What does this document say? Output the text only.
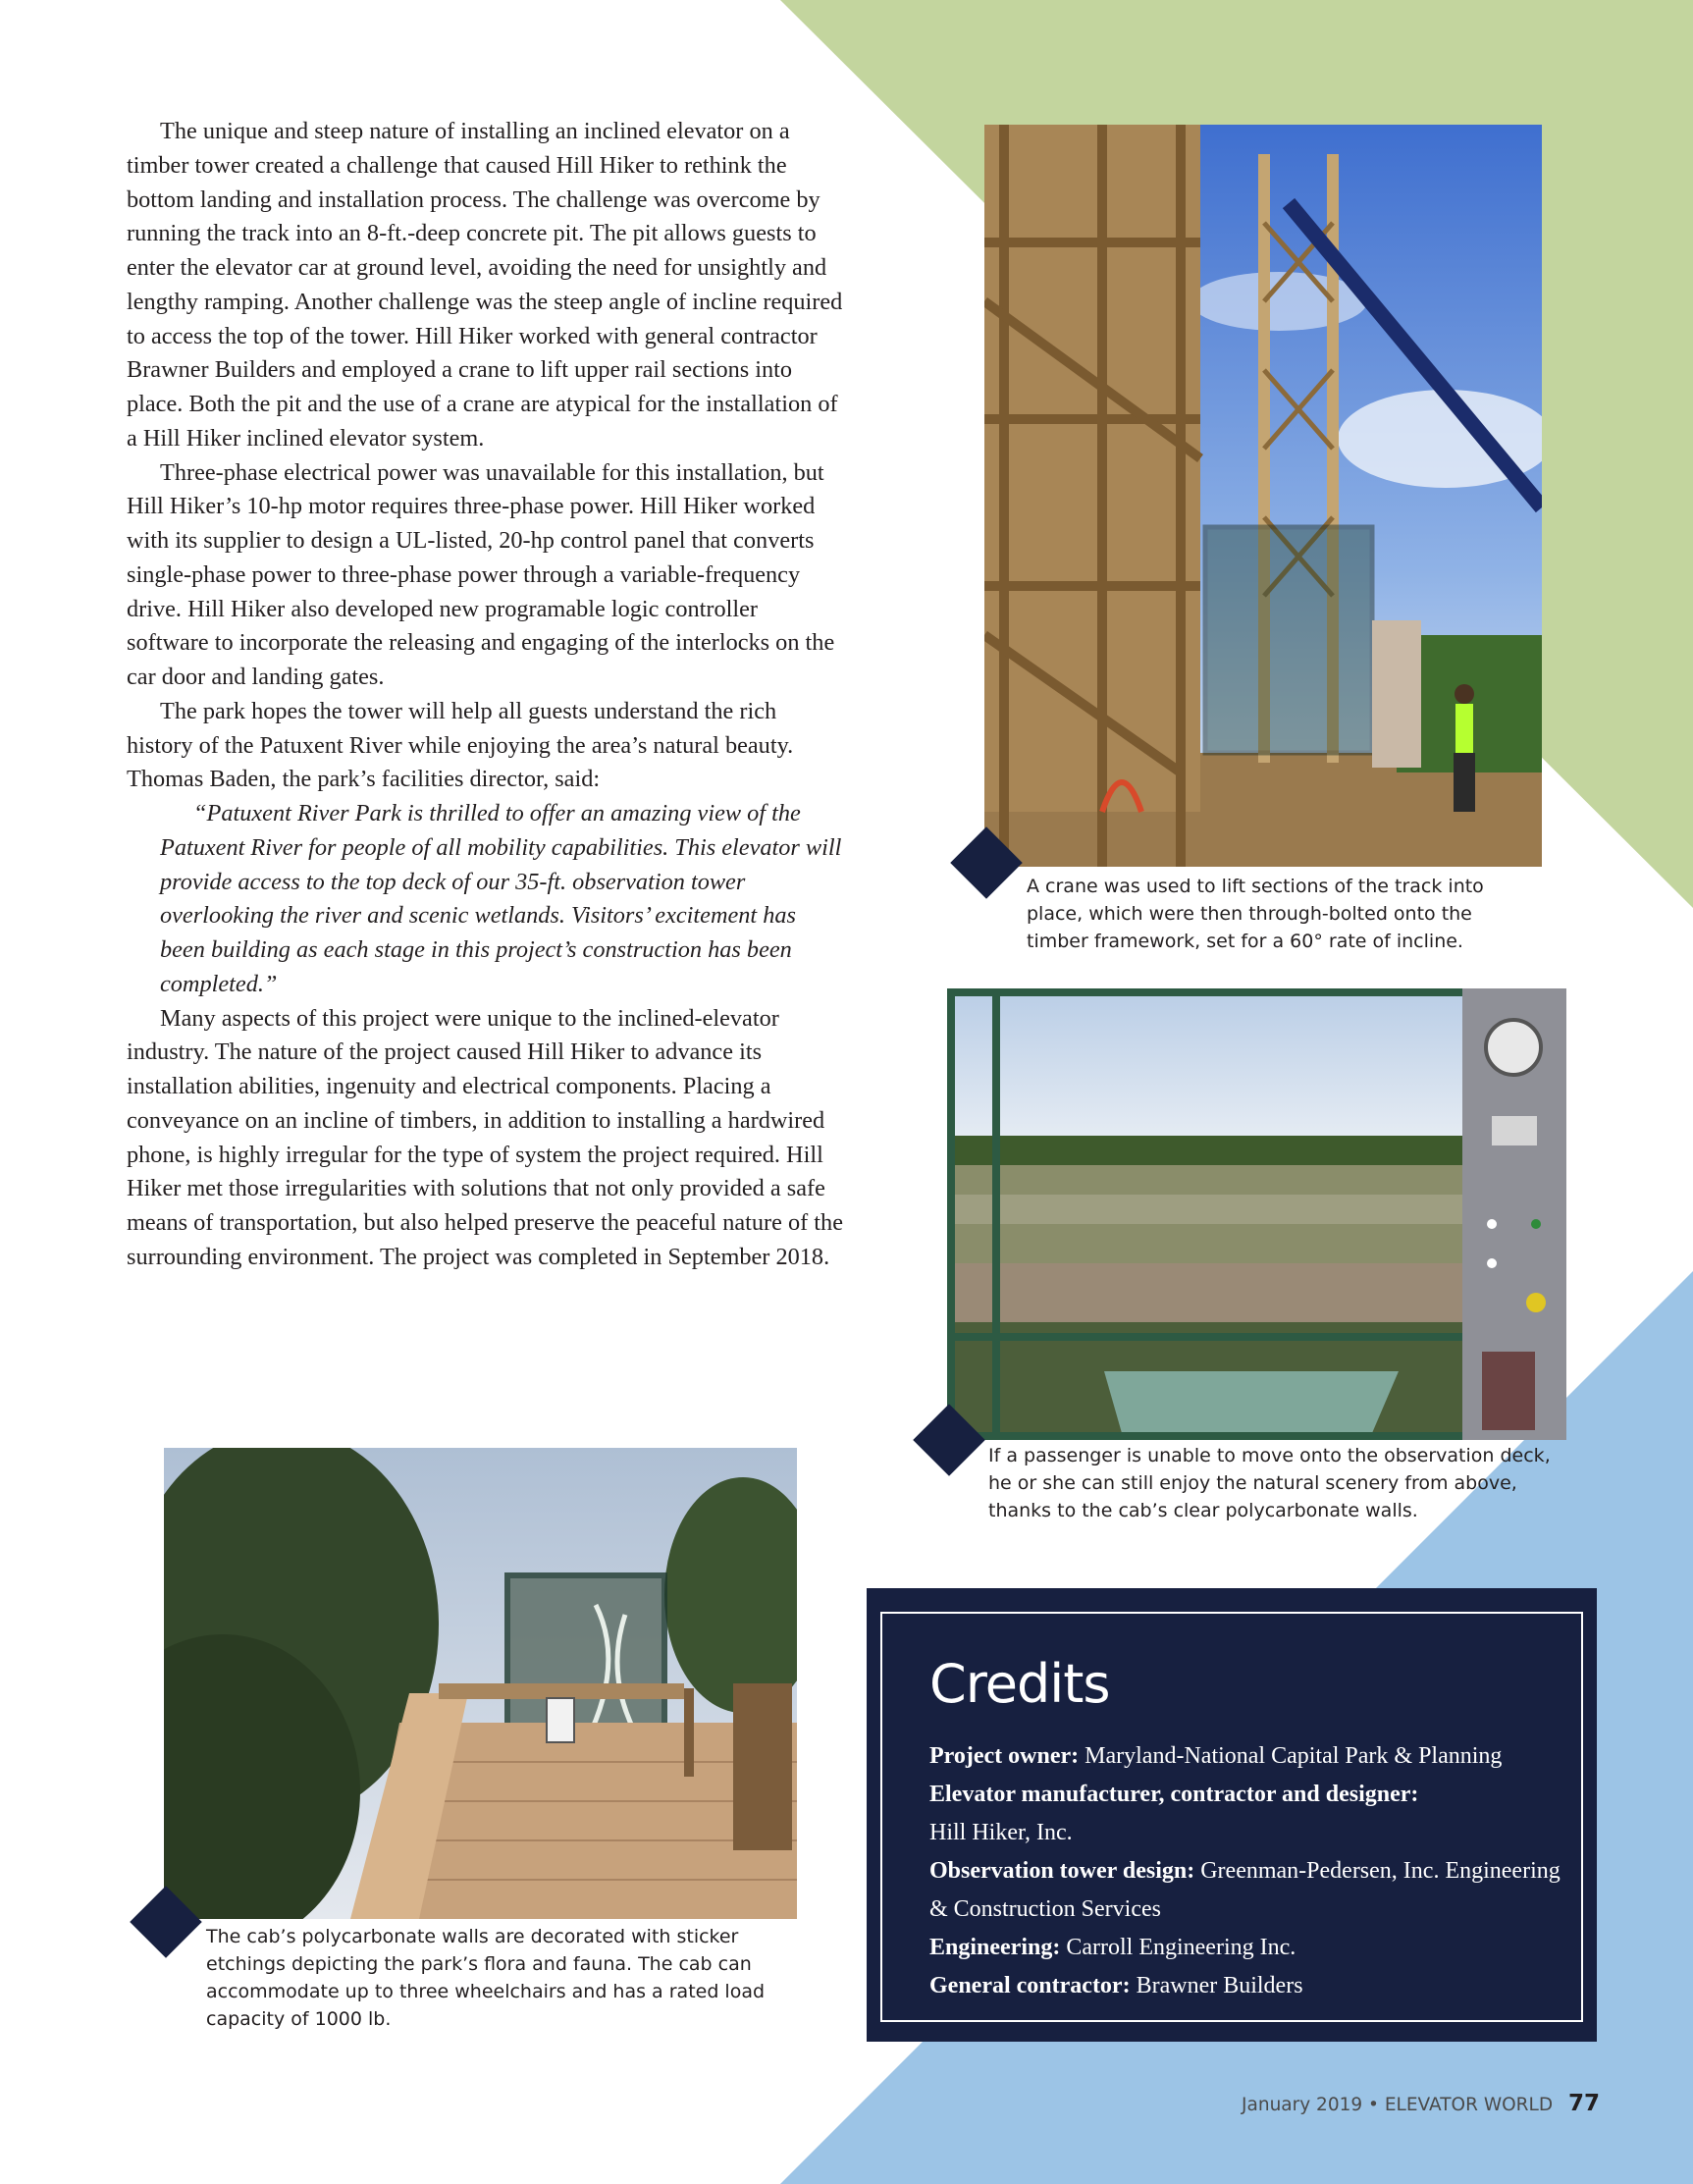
The unique and steep nature of installing an inclined elevator on a timber tower created a challenge that caused Hill Hiker to rethink the bottom landing and installation process. The challenge was overcome by running the track into an 8-ft.-deep concrete pit. The pit allows guests to enter the elevator car at ground level, avoiding the need for unsightly and lengthy ramping. Another challenge was the steep angle of incline required to access the top of the tower. Hill Hiker worked with general contractor Brawner Builders and employed a crane to lift upper rail sections into place. Both the pit and the use of a crane are atypical for the installation of a Hill Hiker inclined elevator system.

Three-phase electrical power was unavailable for this installation, but Hill Hiker’s 10-hp motor requires three-phase power. Hill Hiker worked with its supplier to design a UL-listed, 20-hp control panel that converts single-phase power to three-phase power through a variable-frequency drive. Hill Hiker also developed new programable logic controller software to incorporate the releasing and engaging of the interlocks on the car door and landing gates.

The park hopes the tower will help all guests understand the rich history of the Patuxent River while enjoying the area’s natural beauty. Thomas Baden, the park’s facilities director, said:

“Patuxent River Park is thrilled to offer an amazing view of the Patuxent River for people of all mobility capabilities. This elevator will provide access to the top deck of our 35-ft. observation tower overlooking the river and scenic wetlands. Visitors’ excitement has been building as each stage in this project’s construction has been completed.”

Many aspects of this project were unique to the inclined-elevator industry. The nature of the project caused Hill Hiker to advance its installation abilities, ingenuity and electrical components. Placing a conveyance on an incline of timbers, in addition to installing a hardwired phone, is highly irregular for the type of system the project required. Hill Hiker met those irregularities with solutions that not only provided a safe means of transportation, but also helped preserve the peaceful nature of the surrounding environment. The project was completed in September 2018.

A crane was used to lift sections of the track into place, which were then through-bolted onto the timber framework, set for a 60° rate of incline.
If a passenger is unable to move onto the observation deck, he or she can still enjoy the natural scenery from above, thanks to the cab’s clear polycarbonate walls.
The cab’s polycarbonate walls are decorated with sticker etchings depicting the park’s flora and fauna. The cab can accommodate up to three wheelchairs and has a rated load capacity of 1000 lb.
Credits
Project owner: Maryland-National Capital Park & Planning
Elevator manufacturer, contractor and designer:
Hill Hiker, Inc.
Observation tower design: Greenman-Pedersen, Inc. Engineering & Construction Services
Engineering: Carroll Engineering Inc.
General contractor: Brawner Builders
January 2019 • ELEVATOR WORLD 77
